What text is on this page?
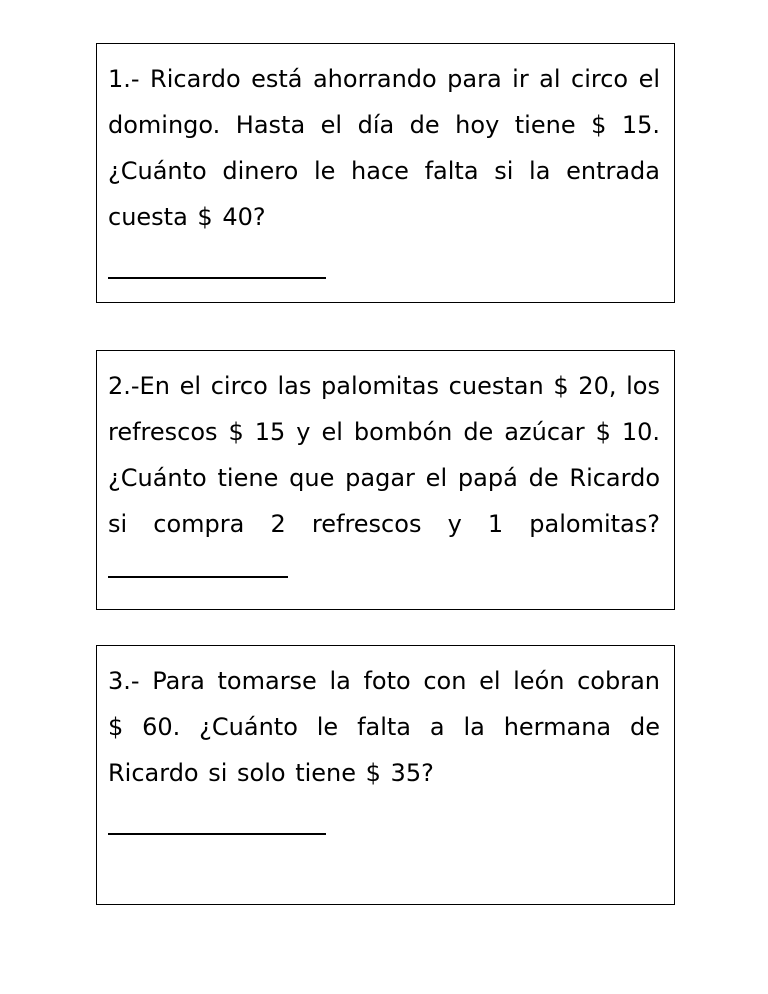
1.- Ricardo está ahorrando para ir al circo el domingo. Hasta el día de hoy tiene $ 15. ¿Cuánto dinero le hace falta si la entrada cuesta $ 40?

2.-En el circo las palomitas cuestan $ 20, los refrescos $ 15 y el bombón de azúcar $ 10. ¿Cuánto tiene que pagar el papá de Ricardo si compra 2 refrescos y 1 palomitas?

3.- Para tomarse la foto con el león cobran $ 60. ¿Cuánto le falta a la hermana de Ricardo si solo tiene $ 35?
